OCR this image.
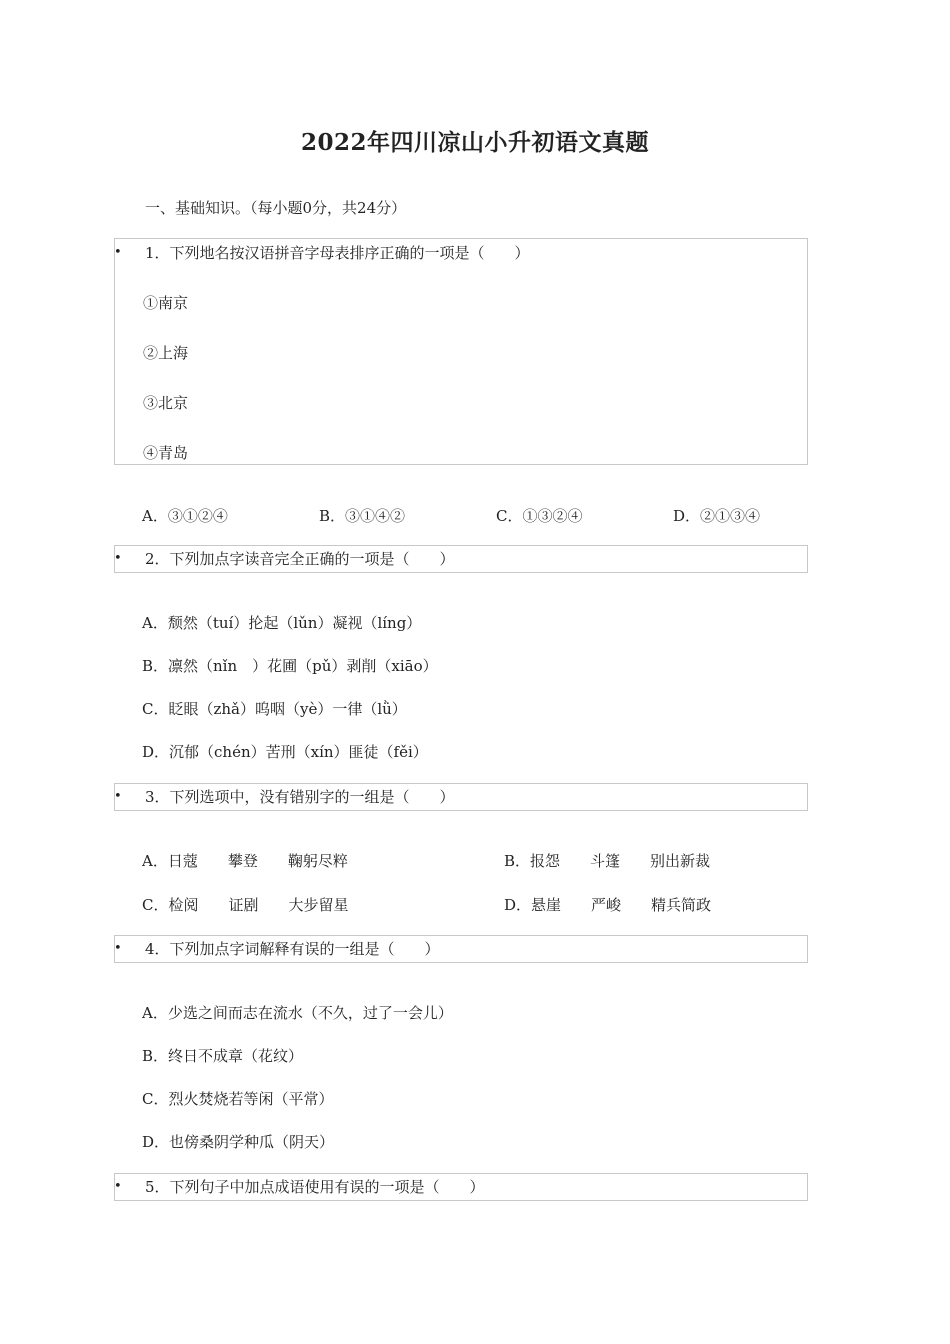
2022年四川凉山小升初语文真题
一、基础知识。（每小题0分，共24分）
• 1．下列地名按汉语拼音字母表排序正确的一项是（　　）
①南京
②上海
③北京
④青岛
A．③①②④	B．③①④②	C．①③②④	D．②①③④
• 2．下列加点字读音完全正确的一项是（　　）
A．颓然（tuí）抡起（lǔn）凝视（líng）
B．凛然（nǐn　）花圃（pǔ）剥削（xiāo）
C．眨眼（zhǎ）呜咽（yè）一律（lǜ）
D．沉郁（chén）苦刑（xín）匪徒（fěi）
• 3．下列选项中，没有错别字的一组是（　　）
A．日蔻　　攀登　　鞠躬尽粹	B．报怨　　斗篷　　别出新裁
C．检阅　　证剧　　大步留星	D．悬崖　　严峻　　精兵简政
• 4．下列加点字词解释有误的一组是（　　）
A．少选之间而志在流水（不久，过了一会儿）
B．终日不成章（花纹）
C．烈火焚烧若等闲（平常）
D．也傍桑阴学种瓜（阴天）
• 5．下列句子中加点成语使用有误的一项是（　　）
